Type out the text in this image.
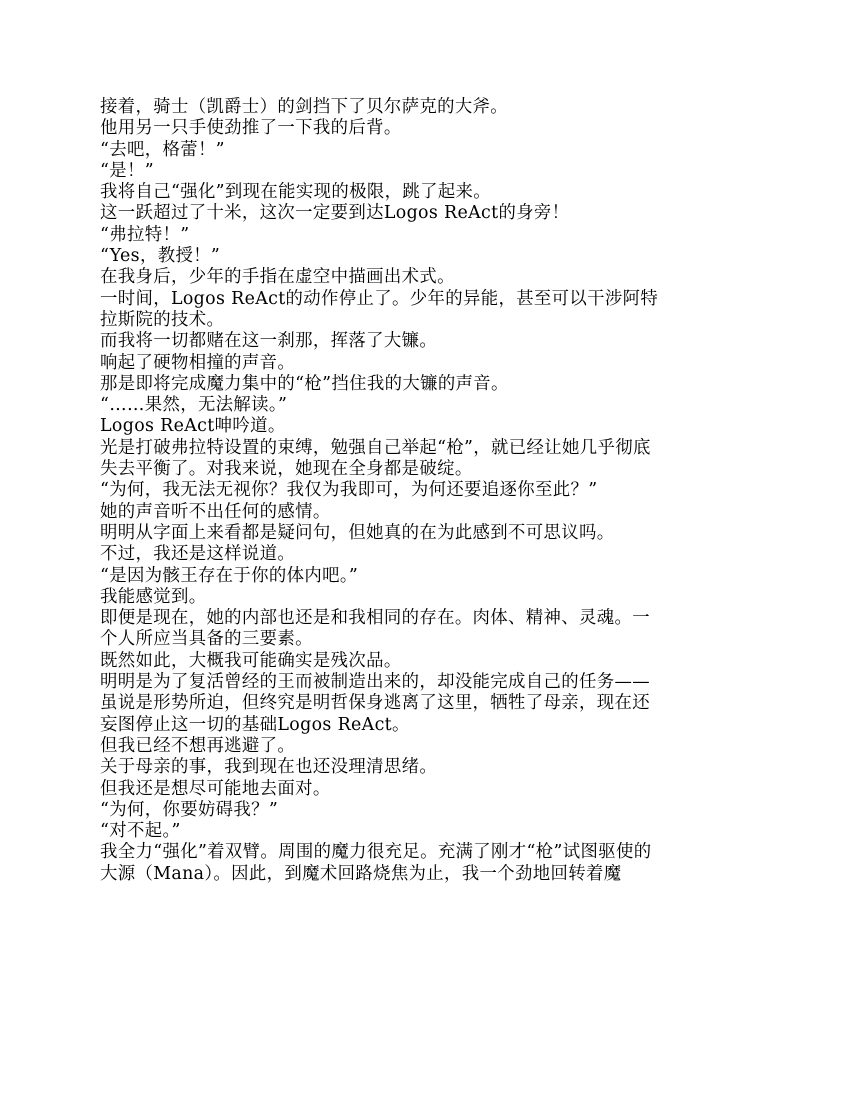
接着，骑士（凯爵士）的剑挡下了贝尔萨克的大斧。
他用另一只手使劲推了一下我的后背。
“去吧，格蕾！”
“是！”
我将自己“强化”到现在能实现的极限，跳了起来。
这一跃超过了十米，这次一定要到达Logos ReAct的身旁！
“弗拉特！”
“Yes，教授！”
在我身后，少年的手指在虚空中描画出术式。
一时间，Logos ReAct的动作停止了。少年的异能，甚至可以干涉阿特
拉斯院的技术。
而我将一切都赌在这一刹那，挥落了大镰。
响起了硬物相撞的声音。
那是即将完成魔力集中的“枪”挡住我的大镰的声音。
“……果然，无法解读。”
Logos ReAct呻吟道。
光是打破弗拉特设置的束缚，勉强自己举起“枪”，就已经让她几乎彻底
失去平衡了。对我来说，她现在全身都是破绽。
“为何，我无法无视你？我仅为我即可，为何还要追逐你至此？”
她的声音听不出任何的感情。
明明从字面上来看都是疑问句，但她真的在为此感到不可思议吗。
不过，我还是这样说道。
“是因为骸王存在于你的体内吧。”
我能感觉到。
即便是现在，她的内部也还是和我相同的存在。肉体、精神、灵魂。一
个人所应当具备的三要素。
既然如此，大概我可能确实是残次品。
明明是为了复活曾经的王而被制造出来的，却没能完成自己的任务——
虽说是形势所迫，但终究是明哲保身逃离了这里，牺牲了母亲，现在还
妄图停止这一切的基础Logos ReAct。
但我已经不想再逃避了。
关于母亲的事，我到现在也还没理清思绪。
但我还是想尽可能地去面对。
“为何，你要妨碍我？”
“对不起。”
我全力“强化”着双臂。周围的魔力很充足。充满了刚才“枪”试图驱使的
大源（Mana）。因此，到魔术回路烧焦为止，我一个劲地回转着魔
